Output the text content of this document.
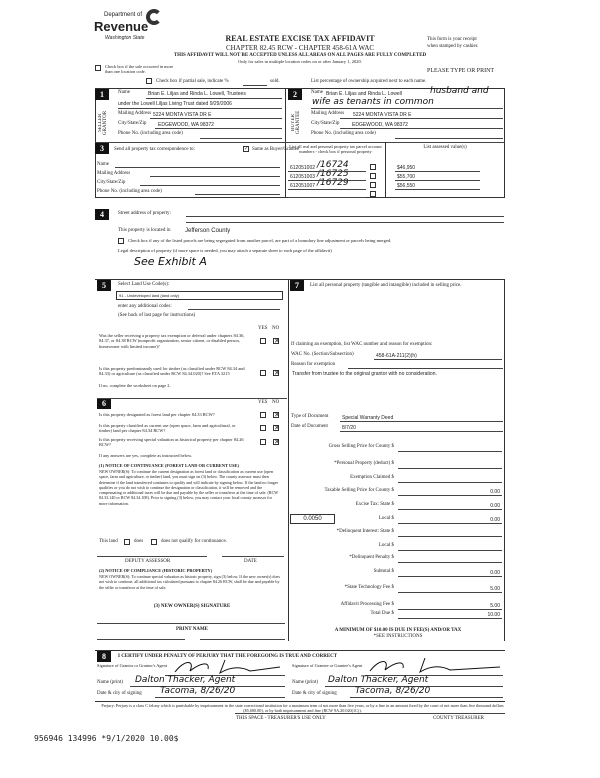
Department of
Revenue
Washington State	REAL ESTATE EXCISE TAX AFFIDAVIT
CHAPTER 82.45 RCW - CHAPTER 458-61A WAC
THIS AFFIDAVIT WILL NOT BE ACCEPTED UNLESS ALL AREAS ON ALL PAGES ARE FULLY COMPLETED
Only for sales in multiple location codes on or after January 1, 2020.
This form is your receipt
when stamped by cashier.
PLEASE TYPE OR PRINT
Check box if the sale occurred in more than one location code.
Check box if partial sale, indicate %	sold.	List percentage of ownership acquired next to each name.
1
SELLER GRANTOR
Name	Brian E. Liljas and Rinda L. Lowell, Trustees
under the Lowell Liljas Living Trust dated 9/29/2006
Mailing Address 5224 MONTA VISTA DR E
City/State/Zip EDGEWOOD, WA 98372
Phone No. (including area code)
2
BUYER GRANTEE
Name Brian E. Liljas and Rinda L. Lowell	husband and
wife as tenants in common
Mailing Address 5224 MONTA VISTA DR E
City/State/Zip	EDGEWOOD, WA 98372
Phone No. (including area code)
3	Send all property tax correspondence to:	✓ Same as Buyer/Grantee
Name
Mailing Address
City/State/Zip
Phone No. (including area code)
List all real and personal property tax parcel account numbers - check box if personal property
List assessed value(s)
612051002 /16724	$46,950
612051003 /16725	$55,700
612051007 /16729	$56,550
4	Street address of property:
This property is located in Jefferson County
Check box if any of the listed parcels are being segregated from another parcel, are part of a boundary line adjustment or parcels being merged.
Legal description of property (if more space is needed, you may attach a separate sheet to each page of the affidavit)
See Exhibit A
5	Select Land Use Code(s):
91 - Undeveloped land (land only)
enter any additional codes:
(See back of last page for instructions)
YES NO
Was the seller receiving a property tax exemption or deferral under chapters 84.36, 84.37, or 84.38 RCW (nonprofit organization, senior citizen, or disabled person, homeowner with limited income)?
✕
Is this property predominantly used for timber (as classified under RCW 84.34 and 84.33) or agriculture (as classified under RCW 84.34.020)? See ETA 3215
If no, complete the worksheet on page 2.
✕
6	YES NO
Is this property designated as forest land per chapter 84.33 RCW?	✕
Is this property classified as current use (open space, farm and agricultural, or timber) land per chapter 84.34 RCW?	✕
Is this property receiving special valuation as historical property per chapter 84.26 RCW?	✕
If any answers are yes, complete as instructed below.
(1) NOTICE OF CONTINUANCE (FOREST LAND OR CURRENT USE)
NEW OWNER(S): To continue the current designation as forest land or classification as current use (open space, farm and agriculture, or timber) land, you must sign on (3) below. The county assessor must then determine if the land transferred continues to qualify and will indicate by signing below. If the land no longer qualifies or you do not wish to continue the designation or classification, it will be removed and the compensating or additional taxes will be due and payable by the seller or transferor at the time of sale. (RCW 84.33.140 or RCW 84.34.108). Prior to signing (3) below, you may contact your local county assessor for more information.
This land	does	does not qualify for continuance.
DEPUTY ASSESSOR	DATE
(2) NOTICE OF COMPLIANCE (HISTORIC PROPERTY)
NEW OWNER(S): To continue special valuation as historic property, sign (3) below. If the new owner(s) does not wish to continue, all additional tax calculated pursuant to chapter 84.26 RCW, shall be due and payable by the seller or transferor at the time of sale.
(3) NEW OWNER(S) SIGNATURE
PRINT NAME
7	List all personal property (tangible and intangible) included in selling price.
If claiming an exemption, list WAC number and reason for exemption:
WAC No. (Section/Subsection)	458-61A-211(2)(h)
Reason for exemption
Transfer from trustee to the original grantor with no consideration.
Type of Document	Special Warranty Deed
Date of Document	8/7/20
0.0050
Gross Selling Price for County $
*Personal Property (deduct) $
Exemption Claimed $
Taxable Selling Price for County $	0.00
Excise Tax: State $	0.00
Local $	0.00
*Delinquent Interest: State $
Local $
*Delinquent Penalty $
Subtotal $	0.00
*State Technology Fee $	5.00
Affidavit Processing Fee $	5.00
Total Due $	10.00
A MINIMUM OF $10.00 IS DUE IN FEE(S) AND/OR TAX
*SEE INSTRUCTIONS
8	I CERTIFY UNDER PENALTY OF PERJURY THAT THE FOREGOING IS TRUE AND CORRECT
Signature of Grantor or Grantor's Agent
Name (print) Dalton Thacker, Agent
Date & city of signing Tacoma, 8/26/20
Signature of Grantee or Grantee's Agent
Name (print) Dalton Thacker, Agent
Date & city of signing Tacoma, 8/26/20
Perjury: Perjury is a class C felony which is punishable by imprisonment in the state correctional institution for a maximum term of not more than five years, or by a fine in an amount fixed by the court of not more than five thousand dollars ($5,000.00), or by both imprisonment and fine (RCW 9A.20.020(1C)).
THIS SPACE - TREASURER'S USE ONLY	COUNTY TREASURER
956946 134996 *9/1/2020 10.00$
